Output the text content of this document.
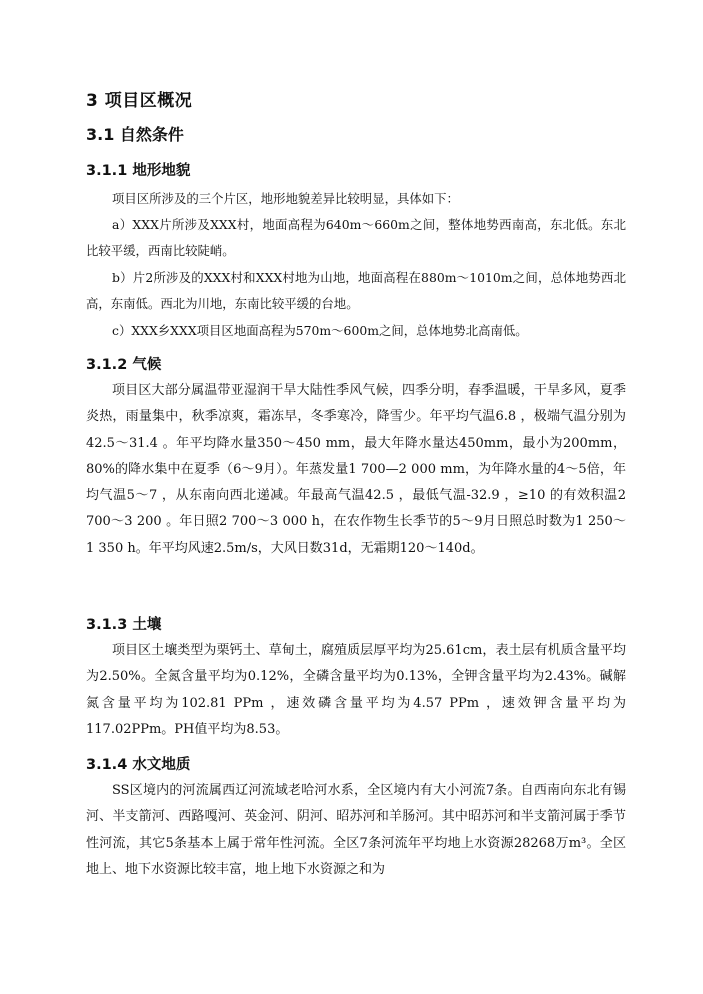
3 项目区概况
3.1 自然条件
3.1.1 地形地貌
项目区所涉及的三个片区，地形地貌差异比较明显，具体如下：
a）XXX片所涉及XXX村，地面高程为640m～660m之间，整体地势西南高，东北低。东北比较平缓，西南比较陡峭。
b）片2所涉及的XXX村和XXX村地为山地，地面高程在880m～1010m之间，总体地势西北高，东南低。西北为川地，东南比较平缓的台地。
c）XXX乡XXX项目区地面高程为570m～600m之间，总体地势北高南低。
3.1.2 气候
项目区大部分属温带亚湿润干旱大陆性季风气候，四季分明，春季温暖，干旱多风，夏季炎热，雨量集中，秋季凉爽，霜冻早，冬季寒冷，降雪少。年平均气温6.8 ，极端气温分别为42.5～31.4 。年平均降水量350～450 mm，最大年降水量达450mm，最小为200mm，80%的降水集中在夏季（6～9月）。年蒸发量1 700—2 000 mm，为年降水量的4～5倍，年均气温5～7 ，从东南向西北递减。年最高气温42.5 ，最低气温-32.9 ，≥10 的有效积温2 700～3 200 。年日照2 700～3 000 h，在农作物生长季节的5～9月日照总时数为1 250～1 350 h。年平均风速2.5m/s，大风日数31d，无霜期120～140d。
3.1.3 土壤
项目区土壤类型为栗钙土、草甸土，腐殖质层厚平均为25.61cm，表土层有机质含量平均为2.50%。全氮含量平均为0.12%，全磷含量平均为0.13%，全钾含量平均为2.43%。碱解氮含量平均为102.81 PPm ，速效磷含量平均为4.57 PPm ，速效钾含量平均为117.02PPm。PH值平均为8.53。
3.1.4 水文地质
SS区境内的河流属西辽河流域老哈河水系，全区境内有大小河流7条。自西南向东北有锡河、半支箭河、西路嘎河、英金河、阴河、昭苏河和羊肠河。其中昭苏河和半支箭河属于季节性河流，其它5条基本上属于常年性河流。全区7条河流年平均地上水资源28268万m³。全区地上、地下水资源比较丰富，地上地下水资源之和为
